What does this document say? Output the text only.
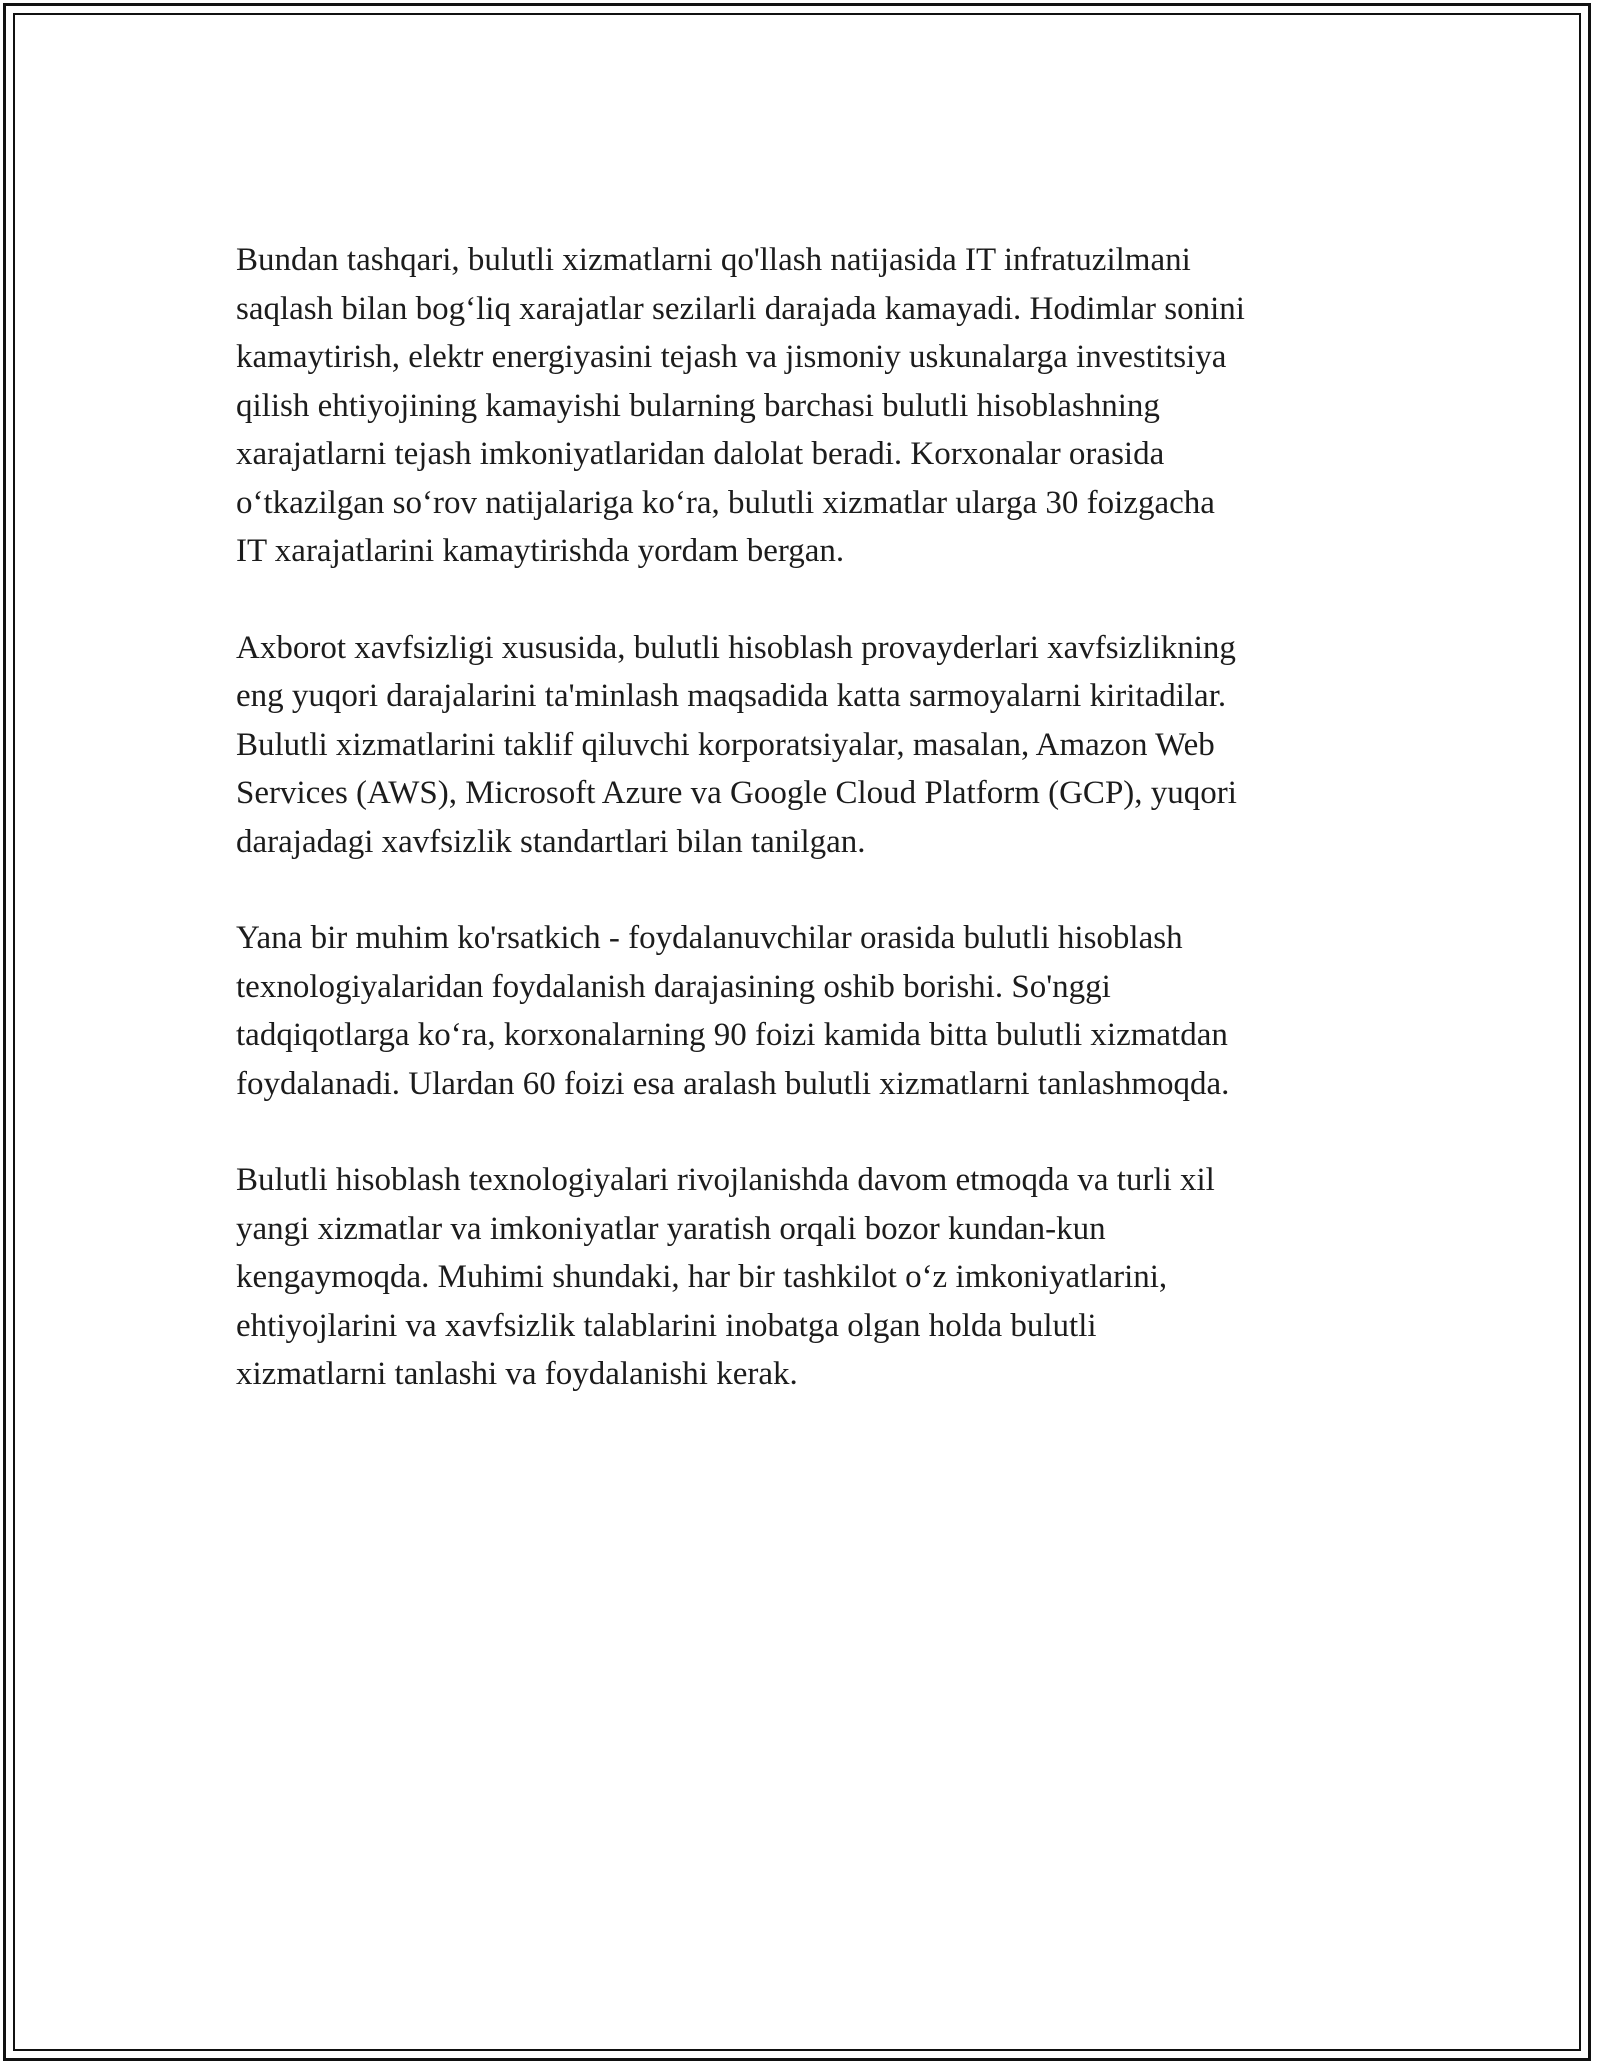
Bundan tashqari, bulutli xizmatlarni qo'llash natijasida IT infratuzilmani
saqlash bilan bog‘liq xarajatlar sezilarli darajada kamayadi. Hodimlar sonini
kamaytirish, elektr energiyasini tejash va jismoniy uskunalarga investitsiya
qilish ehtiyojining kamayishi bularning barchasi bulutli hisoblashning
xarajatlarni tejash imkoniyatlaridan dalolat beradi. Korxonalar orasida
o‘tkazilgan so‘rov natijalariga ko‘ra, bulutli xizmatlar ularga 30 foizgacha
IT xarajatlarini kamaytirishda yordam bergan.

Axborot xavfsizligi xususida, bulutli hisoblash provayderlari xavfsizlikning
eng yuqori darajalarini ta'minlash maqsadida katta sarmoyalarni kiritadilar.
Bulutli xizmatlarini taklif qiluvchi korporatsiyalar, masalan, Amazon Web
Services (AWS), Microsoft Azure va Google Cloud Platform (GCP), yuqori
darajadagi xavfsizlik standartlari bilan tanilgan.

Yana bir muhim ko'rsatkich - foydalanuvchilar orasida bulutli hisoblash
texnologiyalaridan foydalanish darajasining oshib borishi. So'nggi
tadqiqotlarga ko‘ra, korxonalarning 90 foizi kamida bitta bulutli xizmatdan
foydalanadi. Ulardan 60 foizi esa aralash bulutli xizmatlarni tanlashmoqda.

Bulutli hisoblash texnologiyalari rivojlanishda davom etmoqda va turli xil
yangi xizmatlar va imkoniyatlar yaratish orqali bozor kundan-kun
kengaymoqda. Muhimi shundaki, har bir tashkilot o‘z imkoniyatlarini,
ehtiyojlarini va xavfsizlik talablarini inobatga olgan holda bulutli
xizmatlarni tanlashi va foydalanishi kerak.
